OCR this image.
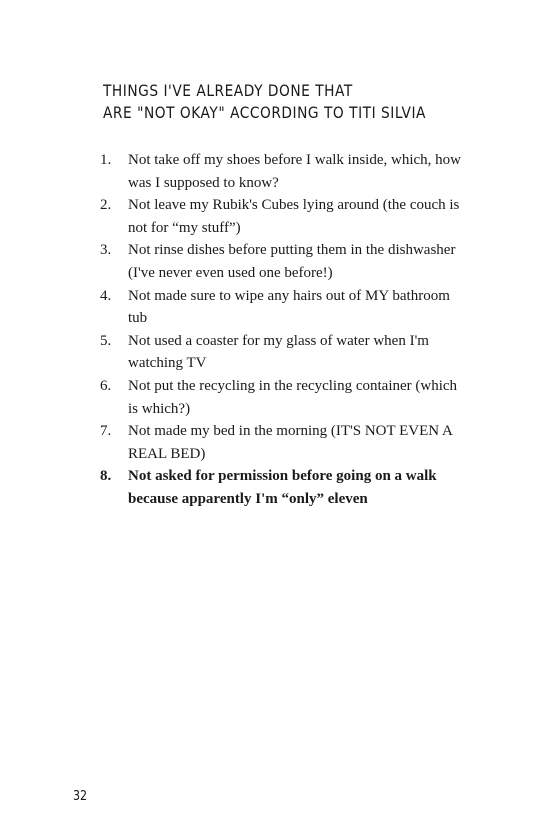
THINGS I'VE ALREADY DONE THAT
ARE "NOT OKAY" ACCORDING TO TITI SILVIA
1.	Not take off my shoes before I walk inside, which, how was I supposed to know?
2.	Not leave my Rubik's Cubes lying around (the couch is not for “my stuff”)
3.	Not rinse dishes before putting them in the dishwasher (I've never even used one before!)
4.	Not made sure to wipe any hairs out of MY bathroom tub
5.	Not used a coaster for my glass of water when I'm watching TV
6.	Not put the recycling in the recycling container (which is which?)
7.	Not made my bed in the morning (IT'S NOT EVEN A REAL BED)
8.	Not asked for permission before going on a walk because apparently I'm “only” eleven
32
